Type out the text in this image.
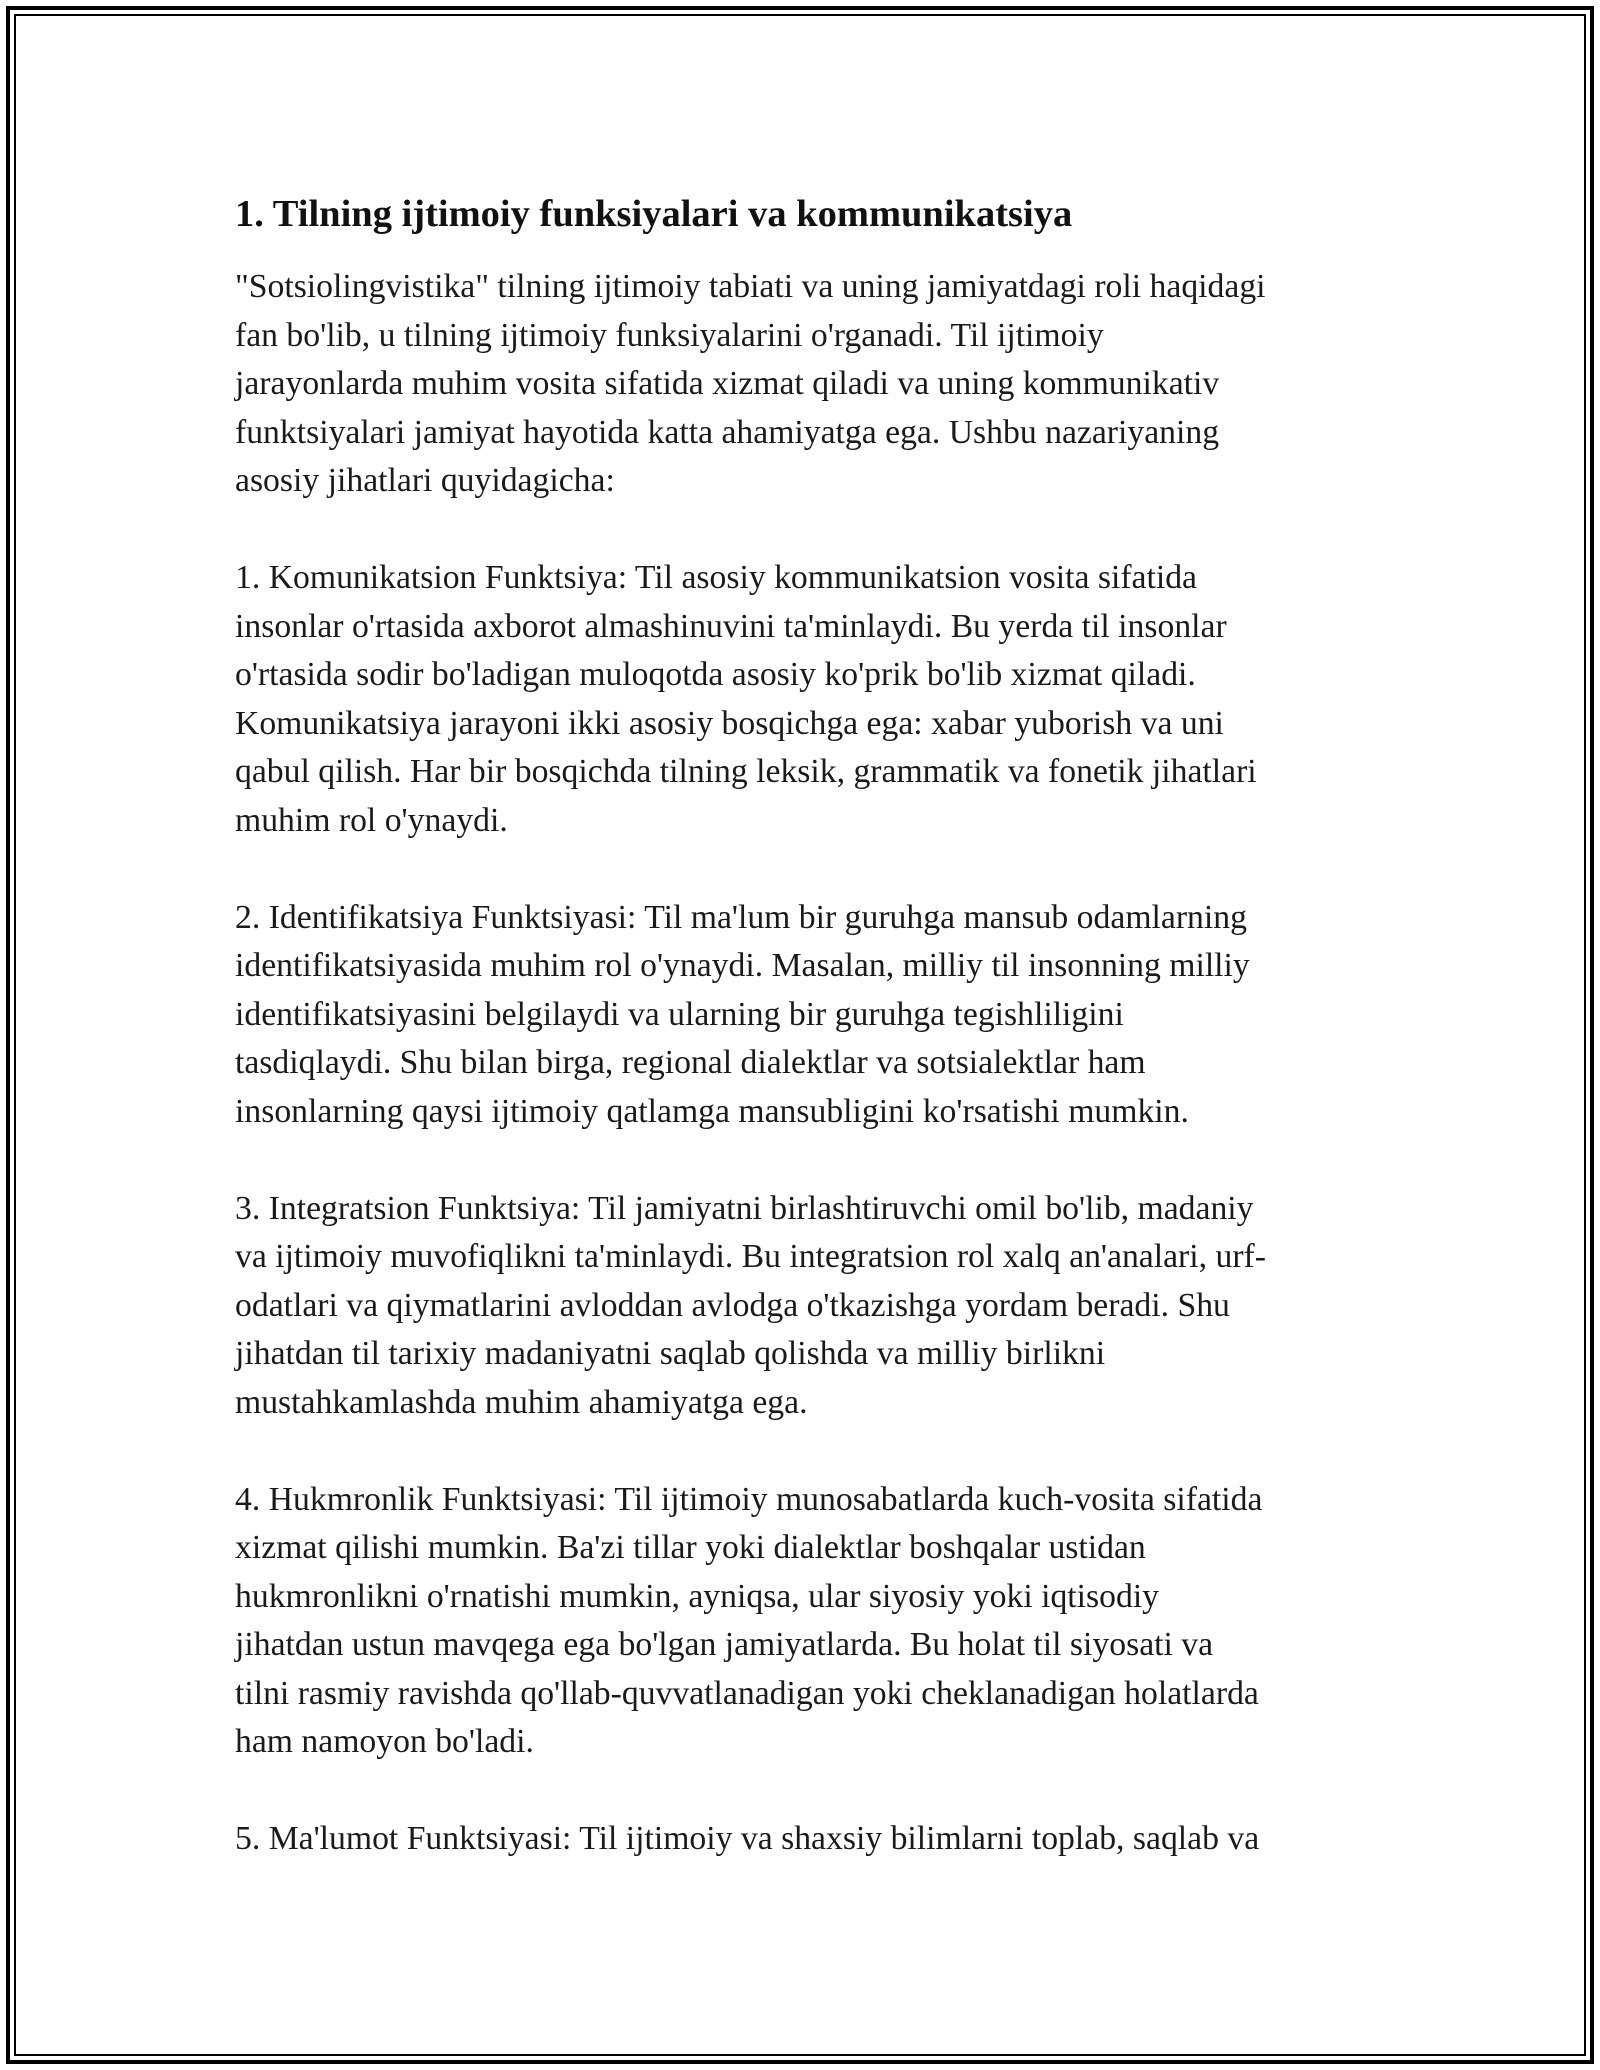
1. Tilning ijtimoiy funksiyalari va kommunikatsiya

"Sotsiolingvistika" tilning ijtimoiy tabiati va uning jamiyatdagi roli haqidagi
fan bo'lib, u tilning ijtimoiy funksiyalarini o'rganadi. Til ijtimoiy
jarayonlarda muhim vosita sifatida xizmat qiladi va uning kommunikativ
funktsiyalari jamiyat hayotida katta ahamiyatga ega. Ushbu nazariyaning
asosiy jihatlari quyidagicha:

1. Komunikatsion Funktsiya: Til asosiy kommunikatsion vosita sifatida
insonlar o'rtasida axborot almashinuvini ta'minlaydi. Bu yerda til insonlar
o'rtasida sodir bo'ladigan muloqotda asosiy ko'prik bo'lib xizmat qiladi.
Komunikatsiya jarayoni ikki asosiy bosqichga ega: xabar yuborish va uni
qabul qilish. Har bir bosqichda tilning leksik, grammatik va fonetik jihatlari
muhim rol o'ynaydi.

2. Identifikatsiya Funktsiyasi: Til ma'lum bir guruhga mansub odamlarning
identifikatsiyasida muhim rol o'ynaydi. Masalan, milliy til insonning milliy
identifikatsiyasini belgilaydi va ularning bir guruhga tegishliligini
tasdiqlaydi. Shu bilan birga, regional dialektlar va sotsialektlar ham
insonlarning qaysi ijtimoiy qatlamga mansubligini ko'rsatishi mumkin.

3. Integratsion Funktsiya: Til jamiyatni birlashtiruvchi omil bo'lib, madaniy
va ijtimoiy muvofiqlikni ta'minlaydi. Bu integratsion rol xalq an'analari, urf-
odatlari va qiymatlarini avloddan avlodga o'tkazishga yordam beradi. Shu
jihatdan til tarixiy madaniyatni saqlab qolishda va milliy birlikni
mustahkamlashda muhim ahamiyatga ega.

4. Hukmronlik Funktsiyasi: Til ijtimoiy munosabatlarda kuch-vosita sifatida
xizmat qilishi mumkin. Ba'zi tillar yoki dialektlar boshqalar ustidan
hukmronlikni o'rnatishi mumkin, ayniqsa, ular siyosiy yoki iqtisodiy
jihatdan ustun mavqega ega bo'lgan jamiyatlarda. Bu holat til siyosati va
tilni rasmiy ravishda qo'llab-quvvatlanadigan yoki cheklanadigan holatlarda
ham namoyon bo'ladi.

5. Ma'lumot Funktsiyasi: Til ijtimoiy va shaxsiy bilimlarni toplab, saqlab va
